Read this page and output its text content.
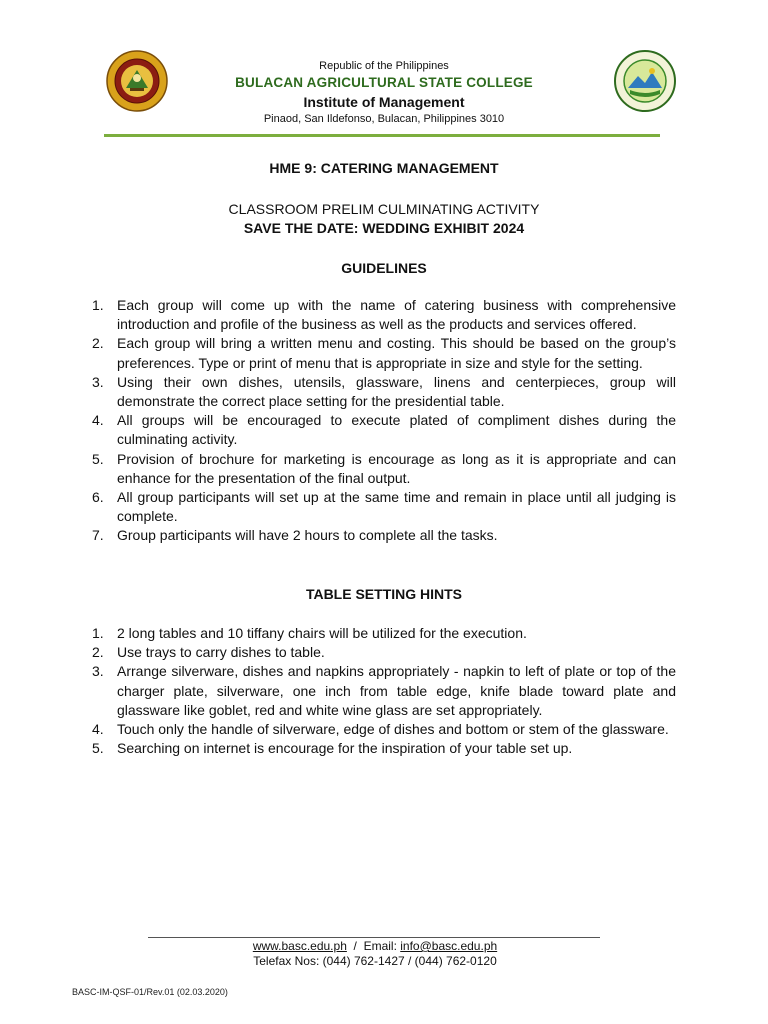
Republic of the Philippines
BULACAN AGRICULTURAL STATE COLLEGE
Institute of Management
Pinaod, San Ildefonso, Bulacan, Philippines 3010
HME 9: CATERING MANAGEMENT
CLASSROOM PRELIM CULMINATING ACTIVITY
SAVE THE DATE: WEDDING EXHIBIT 2024
GUIDELINES
1. Each group will come up with the name of catering business with comprehensive introduction and profile of the business as well as the products and services offered.
2. Each group will bring a written menu and costing. This should be based on the group’s preferences. Type or print of menu that is appropriate in size and style for the setting.
3. Using their own dishes, utensils, glassware, linens and centerpieces, group will demonstrate the correct place setting for the presidential table.
4. All groups will be encouraged to execute plated of compliment dishes during the culminating activity.
5. Provision of brochure for marketing is encourage as long as it is appropriate and can enhance for the presentation of the final output.
6. All group participants will set up at the same time and remain in place until all judging is complete.
7. Group participants will have 2 hours to complete all the tasks.
TABLE SETTING HINTS
1. 2 long tables and 10 tiffany chairs will be utilized for the execution.
2. Use trays to carry dishes to table.
3. Arrange silverware, dishes and napkins appropriately - napkin to left of plate or top of the charger plate, silverware, one inch from table edge, knife blade toward plate and glassware like goblet, red and white wine glass are set appropriately.
4. Touch only the handle of silverware, edge of dishes and bottom or stem of the glassware.
5. Searching on internet is encourage for the inspiration of your table set up.
www.basc.edu.ph / Email: info@basc.edu.ph
Telefax Nos: (044) 762-1427 / (044) 762-0120
BASC-IM-QSF-01/Rev.01 (02.03.2020)
